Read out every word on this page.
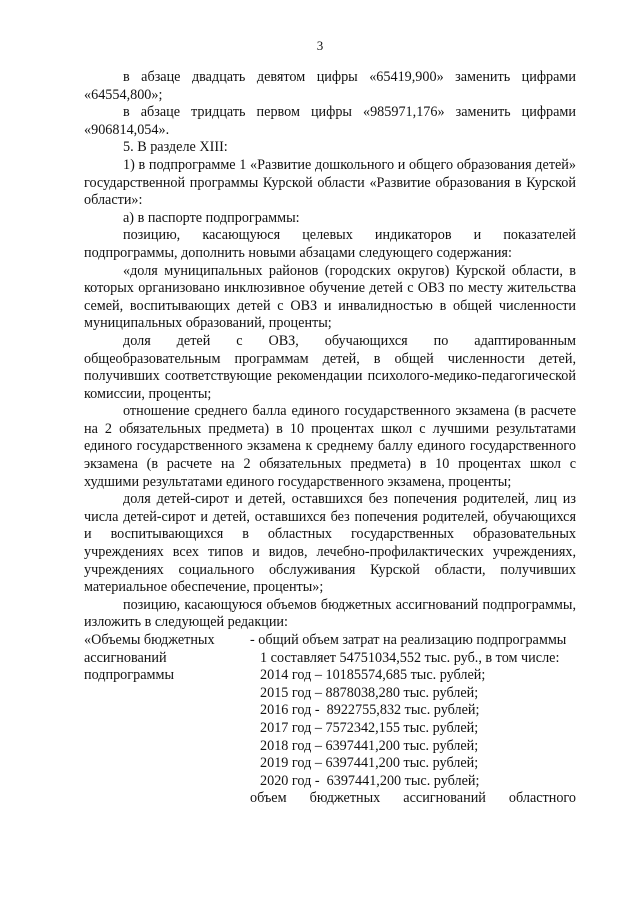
3

в абзаце двадцать девятом цифры «65419,900» заменить цифрами «64554,800»;

в абзаце тридцать первом цифры «985971,176» заменить цифрами «906814,054».

5. В разделе XIII:

1) в подпрограмме 1 «Развитие дошкольного и общего образования детей» государственной программы Курской области «Развитие образования в Курской области»:

а) в паспорте подпрограммы:

позицию, касающуюся целевых индикаторов и показателей подпрограммы, дополнить новыми абзацами следующего содержания:

«доля муниципальных районов (городских округов) Курской области, в которых организовано инклюзивное обучение детей с ОВЗ по месту жительства семей, воспитывающих детей с ОВЗ и инвалидностью в общей численности муниципальных образований, проценты;

доля детей с ОВЗ, обучающихся по адаптированным общеобразовательным программам детей, в общей численности детей, получивших соответствующие рекомендации психолого-медико-педагогической комиссии, проценты;

отношение среднего балла единого государственного экзамена (в расчете на 2 обязательных предмета) в 10 процентах школ с лучшими результатами единого государственного экзамена к среднему баллу единого государственного экзамена (в расчете на 2 обязательных предмета) в 10 процентах школ с худшими результатами единого государственного экзамена, проценты;

доля детей-сирот и детей, оставшихся без попечения родителей, лиц из числа детей-сирот и детей, оставшихся без попечения родителей, обучающихся и воспитывающихся в областных государственных образовательных учреждениях всех типов и видов, лечебно-профилактических учреждениях, учреждениях социального обслуживания Курской области, получивших материальное обеспечение, проценты»;

позицию, касающуюся объемов бюджетных ассигнований подпрограммы, изложить в следующей редакции:

«Объемы бюджетных

ассигнований

подпрограммы

- общий объем затрат на реализацию подпрограммы

1 составляет 54751034,552 тыс. руб., в том числе:

2014 год – 10185574,685 тыс. рублей;

2015 год – 8878038,280 тыс. рублей;

2016 год -  8922755,832 тыс. рублей;

2017 год – 7572342,155 тыс. рублей;

2018 год – 6397441,200 тыс. рублей;

2019 год – 6397441,200 тыс. рублей;

2020 год -  6397441,200 тыс. рублей;

объем бюджетных ассигнований областного
